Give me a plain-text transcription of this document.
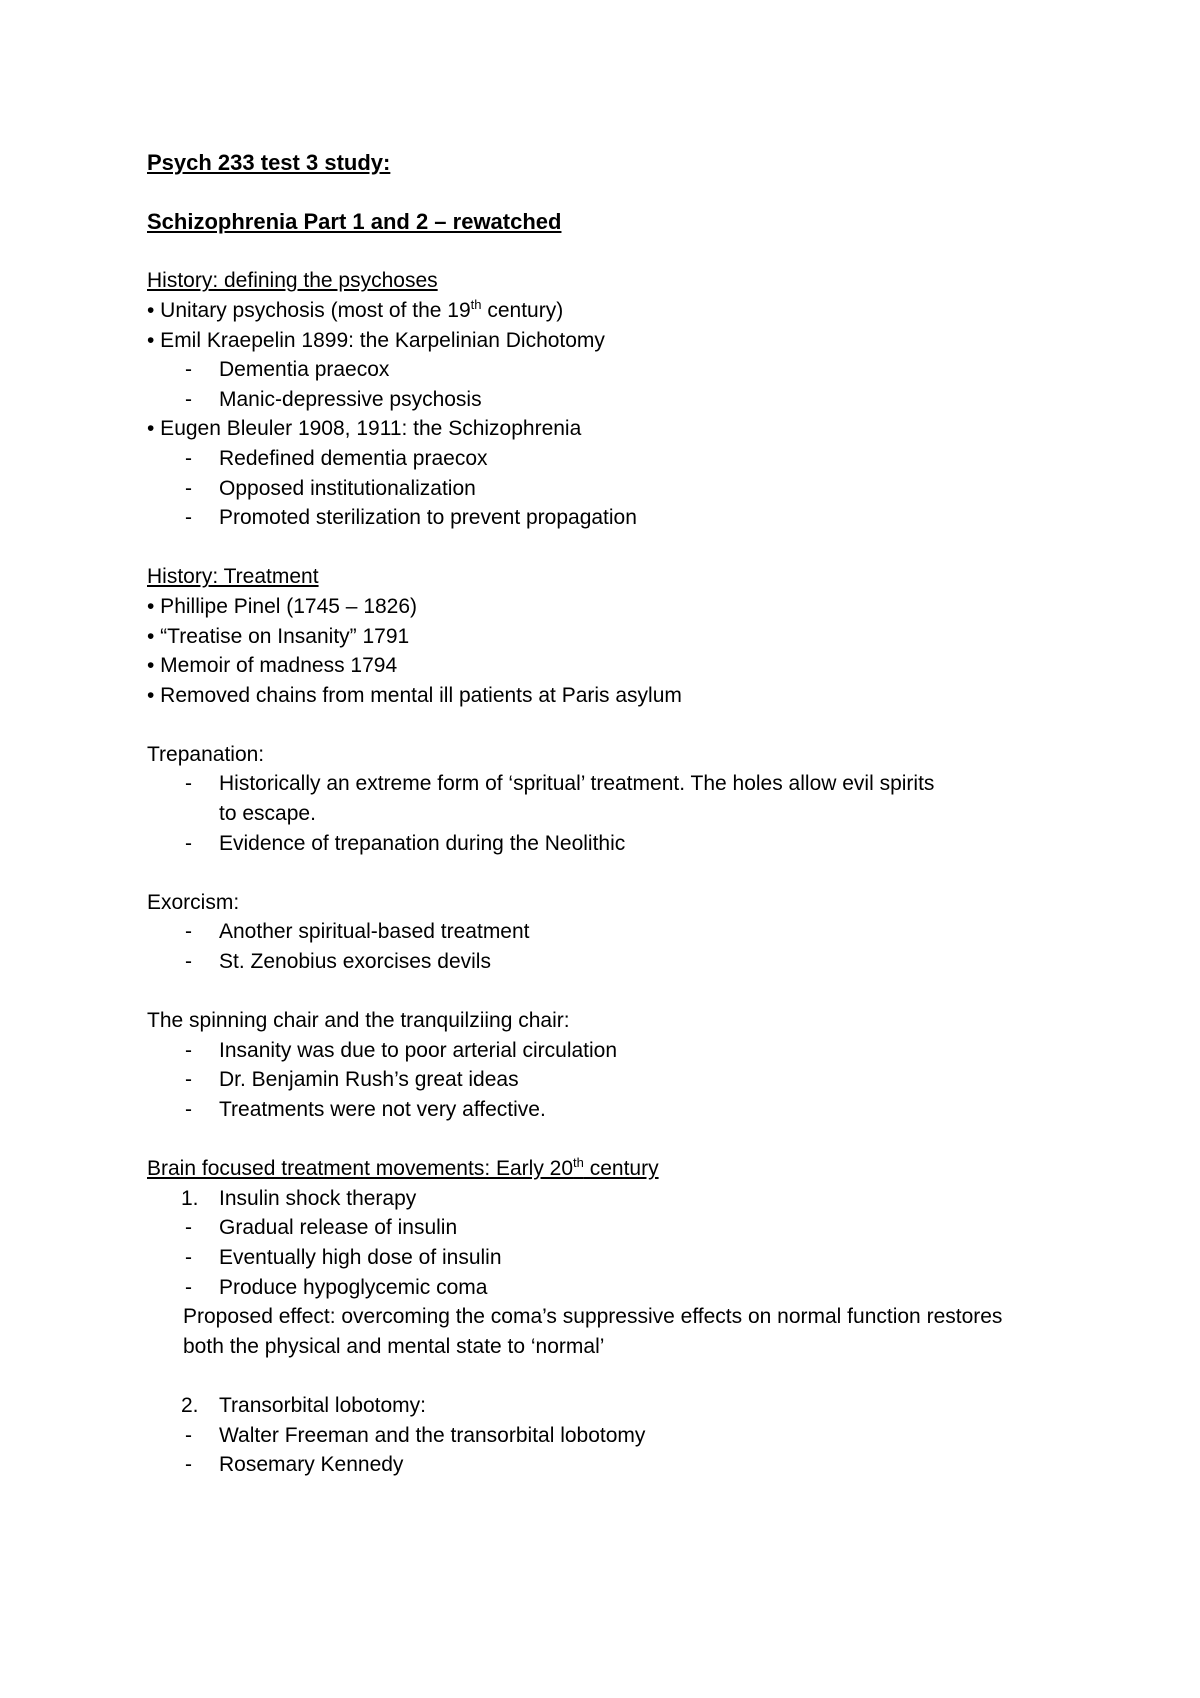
Psych 233 test 3 study:
Schizophrenia Part 1 and 2 – rewatched
History: defining the psychoses
• Unitary psychosis (most of the 19th century)
• Emil Kraepelin 1899: the Karpelinian Dichotomy
- Dementia praecox
- Manic-depressive psychosis
• Eugen Bleuler 1908, 1911: the Schizophrenia
- Redefined dementia praecox
- Opposed institutionalization
- Promoted sterilization to prevent propagation
History: Treatment
• Phillipe Pinel (1745 – 1826)
• “Treatise on Insanity” 1791
• Memoir of madness 1794
• Removed chains from mental ill patients at Paris asylum
Trepanation:
- Historically an extreme form of ‘spritual’ treatment. The holes allow evil spirits to escape.
- Evidence of trepanation during the Neolithic
Exorcism:
- Another spiritual-based treatment
- St. Zenobius exorcises devils
The spinning chair and the tranquilziing chair:
- Insanity was due to poor arterial circulation
- Dr. Benjamin Rush’s great ideas
- Treatments were not very affective.
Brain focused treatment movements: Early 20th century
1. Insulin shock therapy
- Gradual release of insulin
- Eventually high dose of insulin
- Produce hypoglycemic coma
Proposed effect: overcoming the coma’s suppressive effects on normal function restores both the physical and mental state to ‘normal’
2. Transorbital lobotomy:
- Walter Freeman and the transorbital lobotomy
- Rosemary Kennedy
